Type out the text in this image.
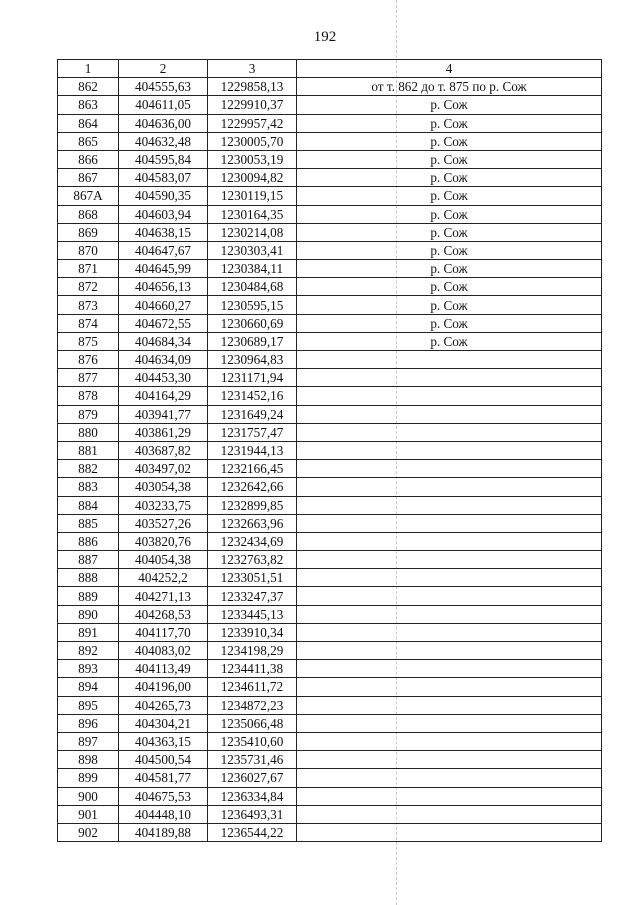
192
1	2	3	4
862	404555,63	1229858,13	от т. 862 до т. 875 по р. Сож
863	404611,05	1229910,37	р. Сож
864	404636,00	1229957,42	р. Сож
865	404632,48	1230005,70	р. Сож
866	404595,84	1230053,19	р. Сож
867	404583,07	1230094,82	р. Сож
867А	404590,35	1230119,15	р. Сож
868	404603,94	1230164,35	р. Сож
869	404638,15	1230214,08	р. Сож
870	404647,67	1230303,41	р. Сож
871	404645,99	1230384,11	р. Сож
872	404656,13	1230484,68	р. Сож
873	404660,27	1230595,15	р. Сож
874	404672,55	1230660,69	р. Сож
875	404684,34	1230689,17	р. Сож
876	404634,09	1230964,83	
877	404453,30	1231171,94	
878	404164,29	1231452,16	
879	403941,77	1231649,24	
880	403861,29	1231757,47	
881	403687,82	1231944,13	
882	403497,02	1232166,45	
883	403054,38	1232642,66	
884	403233,75	1232899,85	
885	403527,26	1232663,96	
886	403820,76	1232434,69	
887	404054,38	1232763,82	
888	404252,2	1233051,51	
889	404271,13	1233247,37	
890	404268,53	1233445,13	
891	404117,70	1233910,34	
892	404083,02	1234198,29	
893	404113,49	1234411,38	
894	404196,00	1234611,72	
895	404265,73	1234872,23	
896	404304,21	1235066,48	
897	404363,15	1235410,60	
898	404500,54	1235731,46	
899	404581,77	1236027,67	
900	404675,53	1236334,84	
901	404448,10	1236493,31	
902	404189,88	1236544,22	
